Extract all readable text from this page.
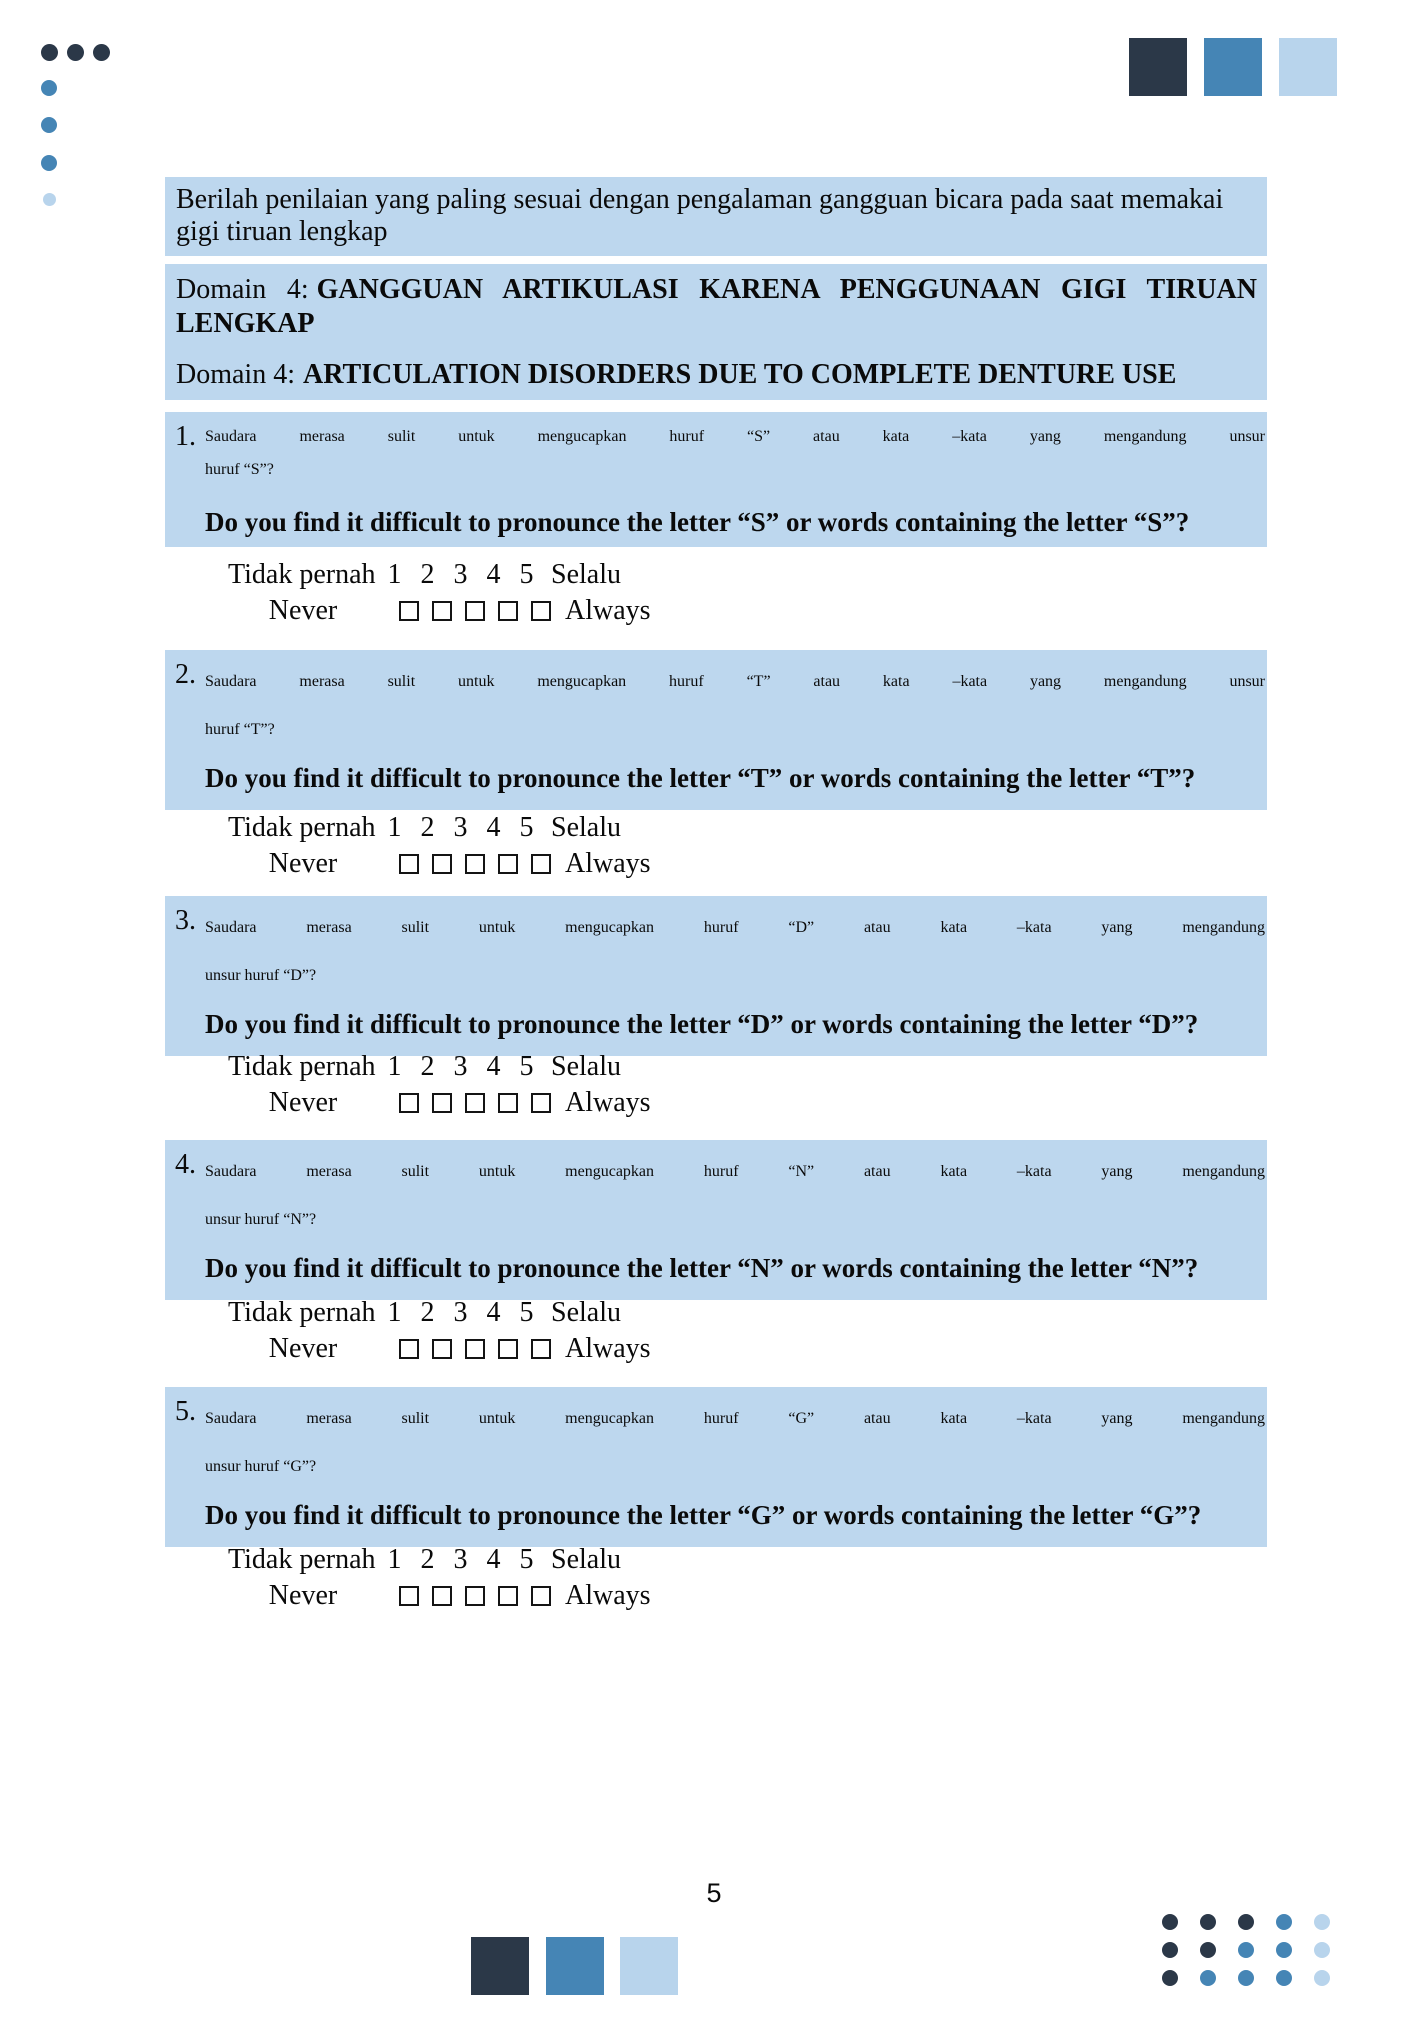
Berilah penilaian yang paling sesuai dengan pengalaman gangguan bicara pada saat memakai
gigi tiruan lengkap
Domain 4: GANGGUAN ARTIKULASI KARENA PENGGUNAAN GIGI TIRUAN
LENGKAP
Domain 4: ARTICULATION DISORDERS DUE TO COMPLETE DENTURE USE
1. Saudara merasa sulit untuk mengucapkan huruf “S” atau kata –kata yang mengandung unsur
huruf “S”?
Do you find it difficult to pronounce the letter “S” or words containing the letter “S”?
Tidak pernah 1 2 3 4 5 Selalu
Never	Always
2. Saudara merasa sulit untuk mengucapkan huruf “T” atau kata –kata yang mengandung unsur
huruf “T”?
Do you find it difficult to pronounce the letter “T” or words containing the letter “T”?
Tidak pernah 1 2 3 4 5 Selalu
Never	Always
3. Saudara merasa sulit untuk mengucapkan huruf “D” atau kata –kata yang mengandung
unsur huruf “D”?
Do you find it difficult to pronounce the letter “D” or words containing the letter “D”?
Tidak pernah 1 2 3 4 5 Selalu
Never	Always
4. Saudara merasa sulit untuk mengucapkan huruf “N” atau kata –kata yang mengandung
unsur huruf “N”?
Do you find it difficult to pronounce the letter “N” or words containing the letter “N”?
Tidak pernah 1 2 3 4 5 Selalu
Never	Always
5. Saudara merasa sulit untuk mengucapkan huruf “G” atau kata –kata yang mengandung
unsur huruf “G”?
Do you find it difficult to pronounce the letter “G” or words containing the letter “G”?
Tidak pernah 1 2 3 4 5 Selalu
Never	Always
5
